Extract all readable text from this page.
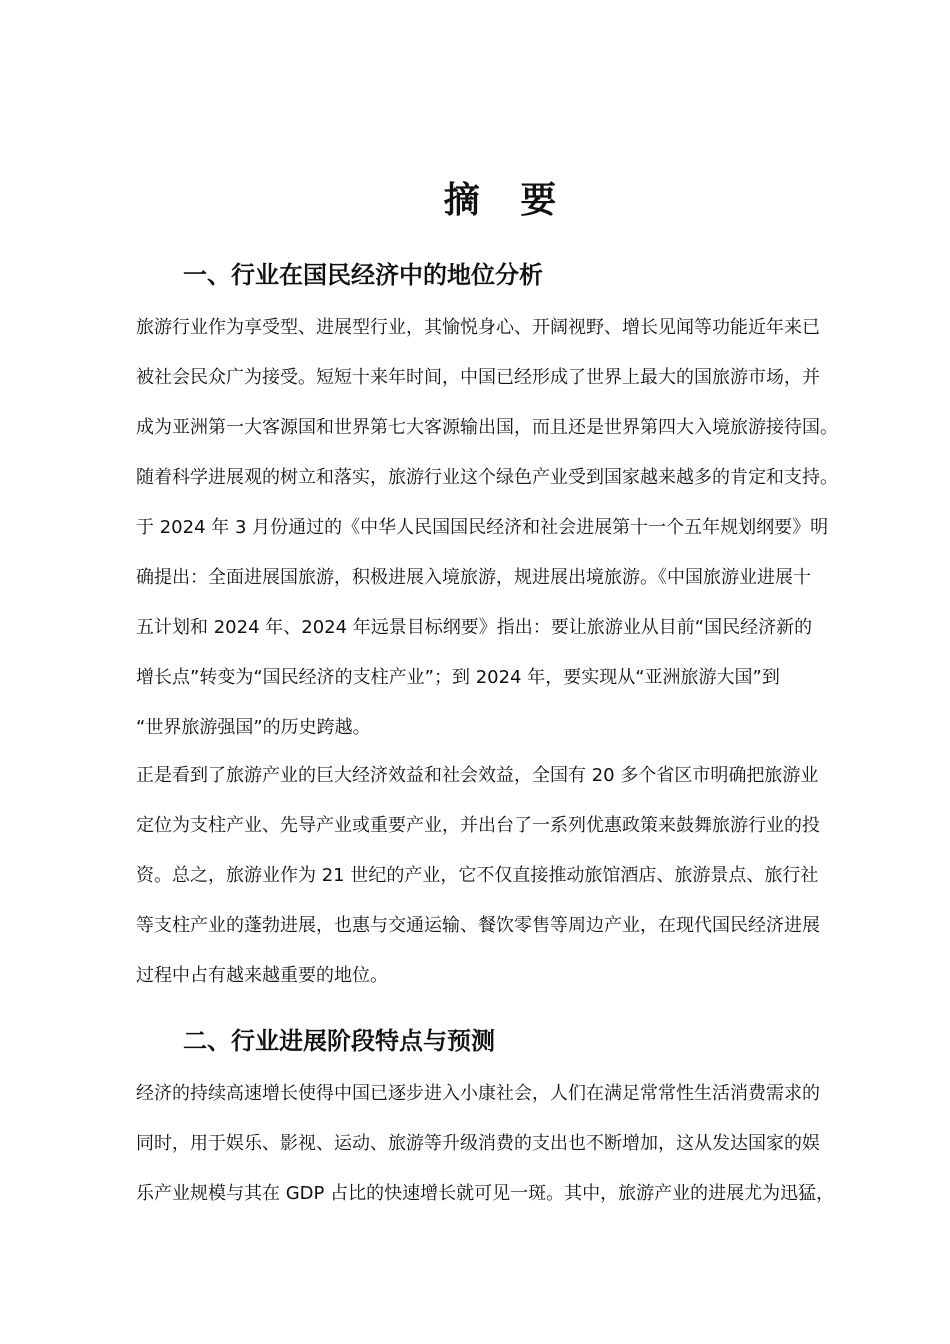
摘 要
一、行业在国民经济中的地位分析
旅游行业作为享受型、进展型行业，其愉悦身心、开阔视野、增长见闻等功能近年来已
被社会民众广为接受。短短十来年时间，中国已经形成了世界上最大的国旅游市场，并
成为亚洲第一大客源国和世界第七大客源输出国，而且还是世界第四大入境旅游接待国。
随着科学进展观的树立和落实，旅游行业这个绿色产业受到国家越来越多的肯定和支持。
于 2024 年 3 月份通过的《中华人民国国民经济和社会进展第十一个五年规划纲要》明
确提出：全面进展国旅游，积极进展入境旅游，规进展出境旅游。《中国旅游业进展十
五计划和 2024 年、2024 年远景目标纲要》指出：要让旅游业从目前“国民经济新的
增长点”转变为“国民经济的支柱产业”；到 2024 年，要实现从“亚洲旅游大国”到
“世界旅游强国”的历史跨越。
正是看到了旅游产业的巨大经济效益和社会效益，全国有 20 多个省区市明确把旅游业
定位为支柱产业、先导产业或重要产业，并出台了一系列优惠政策来鼓舞旅游行业的投
资。总之，旅游业作为 21 世纪的产业，它不仅直接推动旅馆酒店、旅游景点、旅行社
等支柱产业的蓬勃进展，也惠与交通运输、餐饮零售等周边产业，在现代国民经济进展
过程中占有越来越重要的地位。
二、行业进展阶段特点与预测
经济的持续高速增长使得中国已逐步进入小康社会，人们在满足常常性生活消费需求的
同时，用于娱乐、影视、运动、旅游等升级消费的支出也不断增加，这从发达国家的娱
乐产业规模与其在 GDP 占比的快速增长就可见一斑。其中，旅游产业的进展尤为迅猛，
